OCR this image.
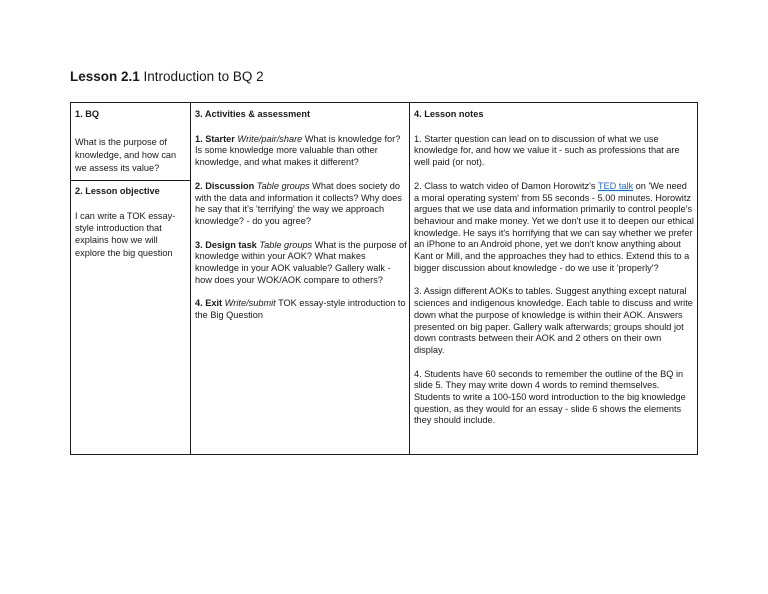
Lesson 2.1 Introduction to BQ 2
1. BQ

What is the purpose of knowledge, and how can we assess its value?

2. Lesson objective

I can write a TOK essay-style introduction that explains how we will explore the big question

3. Activities & assessment

1. Starter Write/pair/share What is knowledge for? Is some knowledge more valuable than other knowledge, and what makes it different?

2. Discussion Table groups What does society do with the data and information it collects? Why does he say that it's 'terrifying' the way we approach knowledge? - do you agree?

3. Design task Table groups What is the purpose of knowledge within your AOK? What makes knowledge in your AOK valuable? Gallery walk - how does your WOK/AOK compare to others?

4. Exit Write/submit TOK essay-style introduction to the Big Question

4. Lesson notes

1. Starter question can lead on to discussion of what we use knowledge for, and how we value it - such as professions that are well paid (or not).

2. Class to watch video of Damon Horowitz's TED talk on 'We need a moral operating system' from 55 seconds - 5.00 minutes. Horowitz argues that we use data and information primarily to control people's behaviour and make money. Yet we don't use it to deepen our ethical knowledge. He says it's horrifying that we can say whether we prefer an iPhone to an Android phone, yet we don't know anything about Kant or Mill, and the approaches they had to ethics. Extend this to a bigger discussion about knowledge - do we use it 'properly'?

3. Assign different AOKs to tables. Suggest anything except natural sciences and indigenous knowledge. Each table to discuss and write down what the purpose of knowledge is within their AOK. Answers presented on big paper. Gallery walk afterwards; groups should jot down contrasts between their AOK and 2 others on their own display.

4. Students have 60 seconds to remember the outline of the BQ in slide 5. They may write down 4 words to remind themselves. Students to write a 100-150 word introduction to the big knowledge question, as they would for an essay - slide 6 shows the elements they should include.
